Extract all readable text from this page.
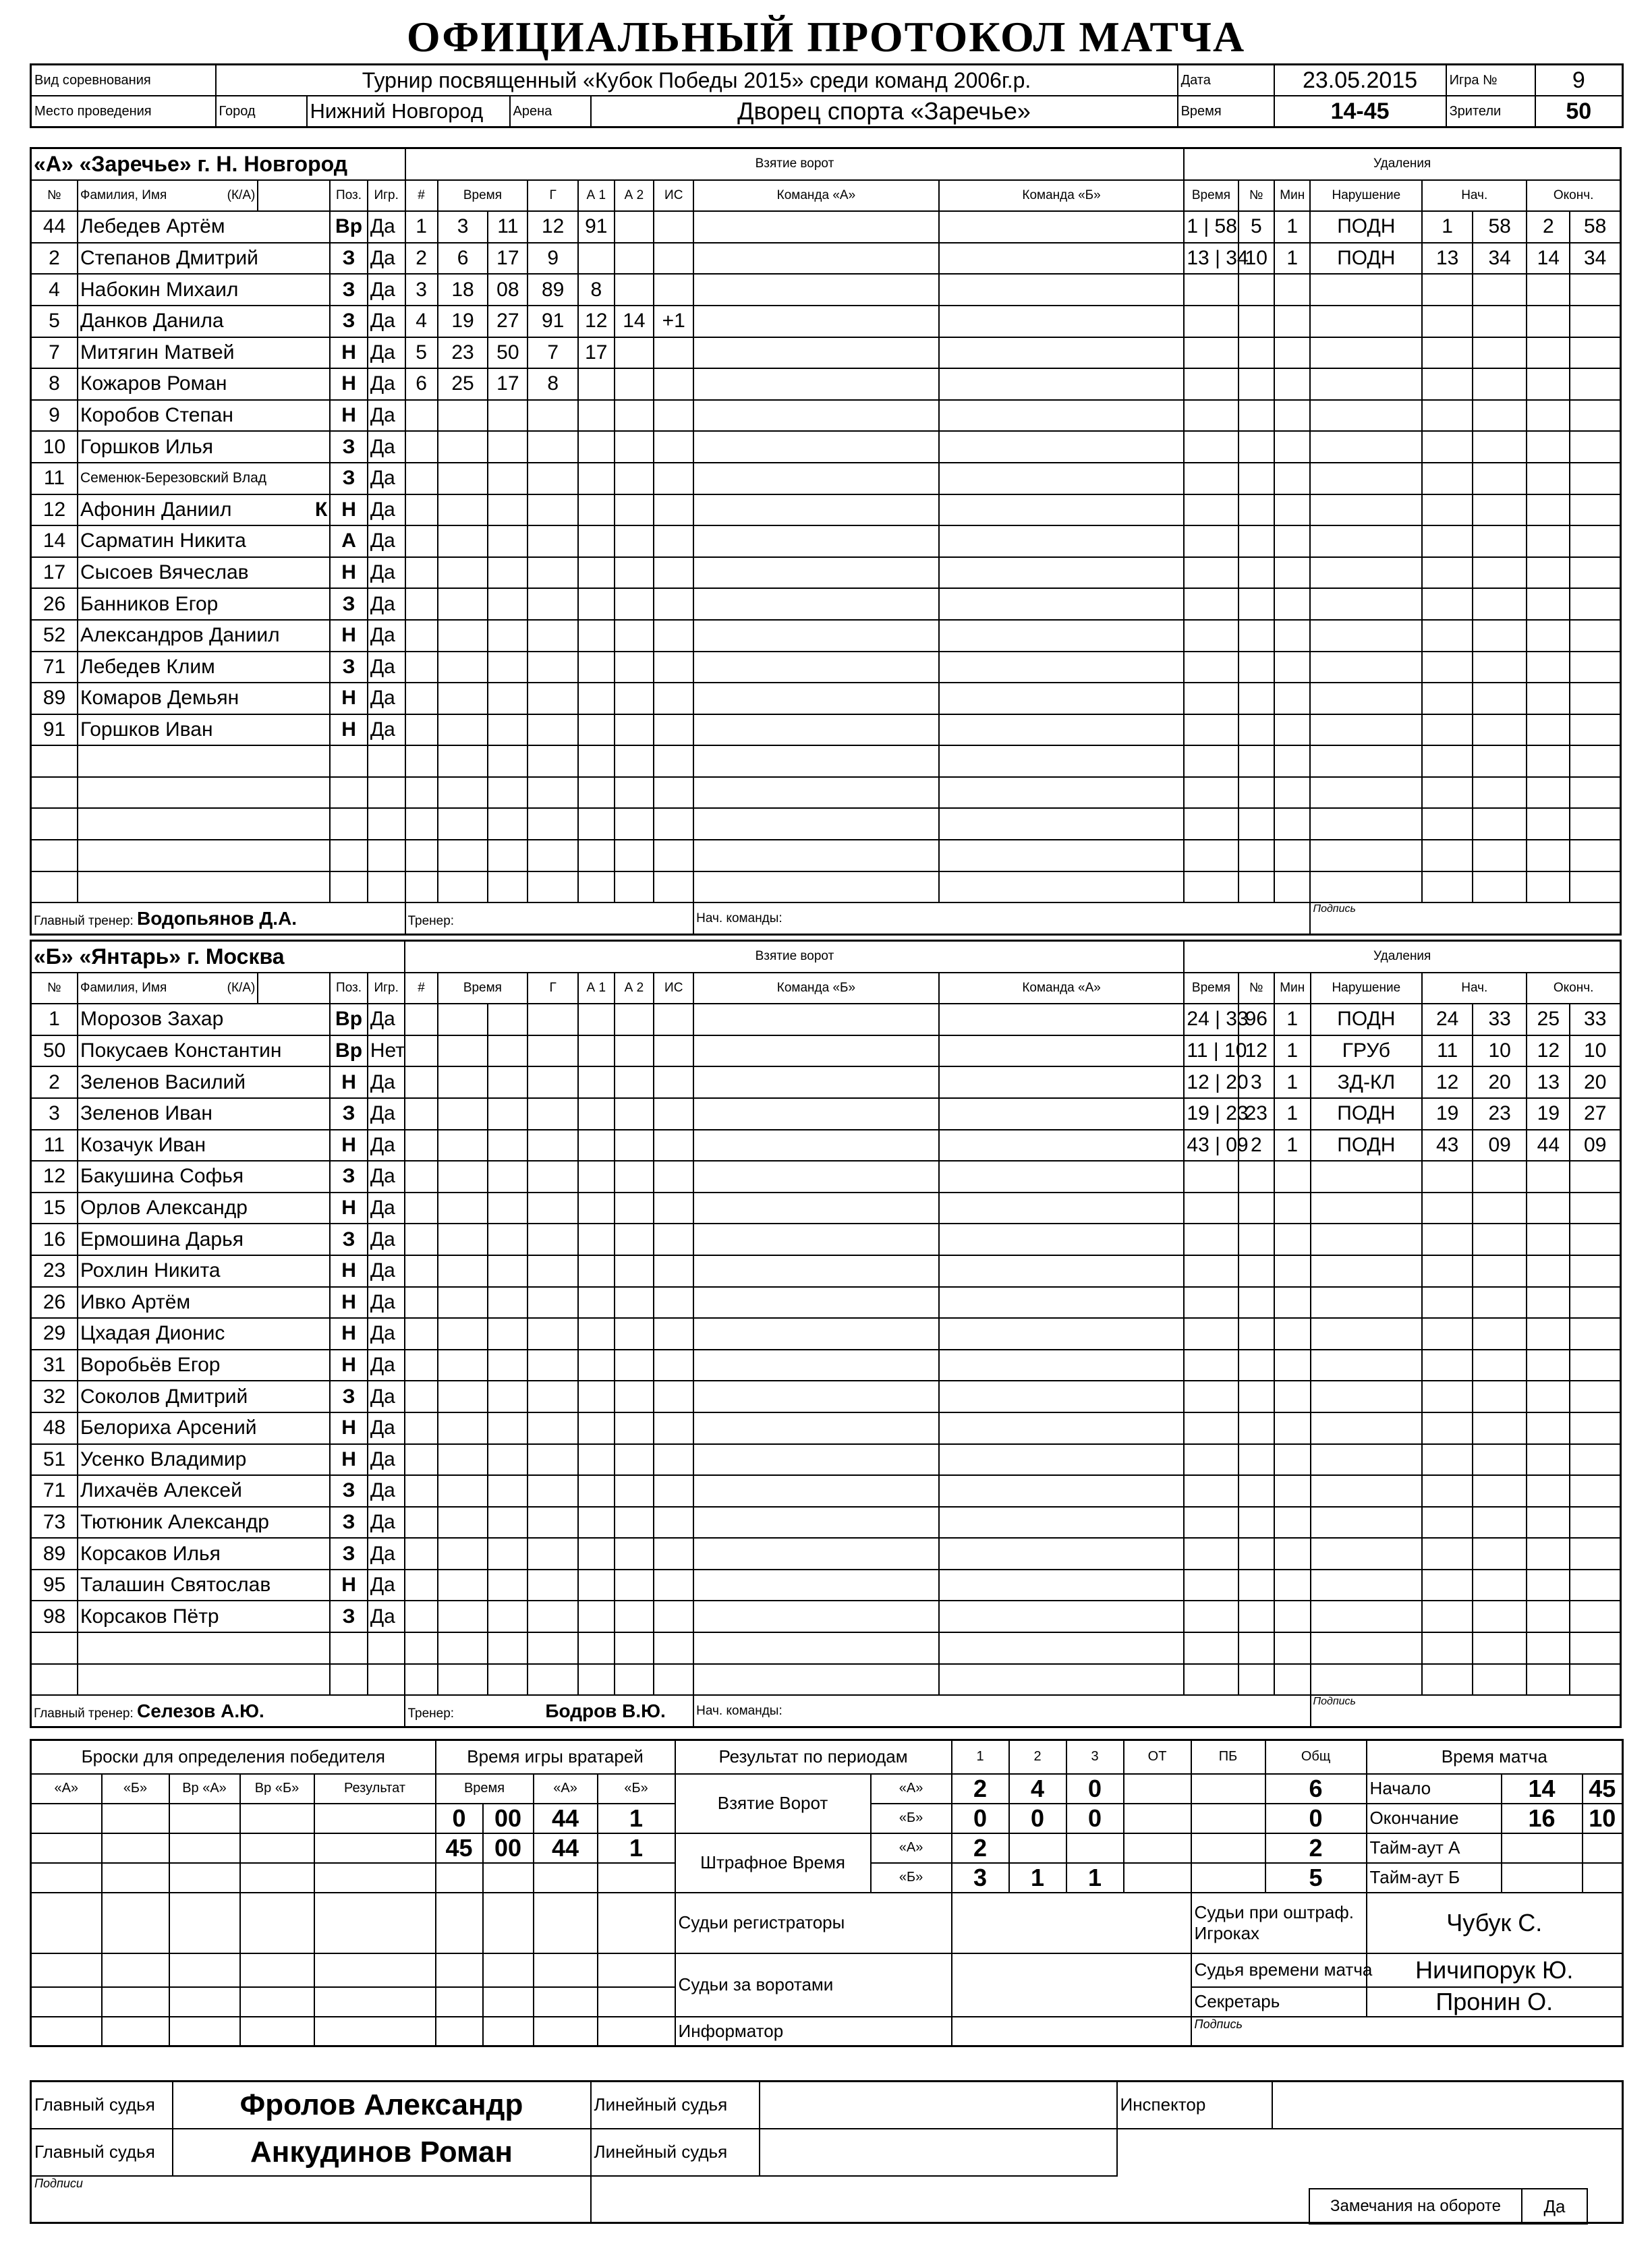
ОФИЦИАЛЬНЫЙ ПРОТОКОЛ МАТЧА
Вид соревнования	Турнир посвященный «Кубок Победы 2015» среди команд 2006г.р.				Дата	23.05.2015	Игра №	9
Место проведения	Город	Нижний Новгород	Арена	Дворец спорта «Заречье»	Время	14-45	Зрители	50
«А» «Заречье» г. Н. Новгород					Взятие ворот									Удаления							
№	Фамилия, Имя (К/А)		Поз.	Игр.	#	Время		Г	А 1	А 2	ИС	Команда «А»	Команда «Б»	Время	№	Мин	Нарушение	Нач.		Оконч.	
44	Лебедев Артём		Вр	Да	1	3	11	12	91					1 | 58	5	1	ПОДН	1	58	2	58
2	Степанов Дмитрий		З	Да	2	6	17	9						13 | 34	10	1	ПОДН	13	34	14	34
4	Набокин Михаил		З	Да	3	18	08	89	8												
5	Данков Данила		З	Да	4	19	27	91	12	14	+1										
7	Митягин Матвей		Н	Да	5	23	50	7	17												
8	Кожаров Роман		Н	Да	6	25	17	8													
9	Коробов Степан		Н	Да																	
10	Горшков Илья		З	Да																	
11	Семенюк-Березовский Влад		З	Да																	
12	Афонин Даниил К		Н	Да																	
14	Сарматин Никита		А	Да																	
17	Сысоев Вячеслав		Н	Да																	
26	Банников Егор		З	Да																	
52	Александров Даниил		Н	Да																	
71	Лебедев Клим		З	Да																	
89	Комаров Демьян		Н	Да																	
91	Горшков Иван		Н	Да																	

Главный тренер: Водопьянов Д.А.					Тренер:							Нач. команды:					Подпись				
«Б» «Янтарь» г. Москва					Взятие ворот									Удаления							
№	Фамилия, Имя (К/А)		Поз.	Игр.	#	Время		Г	А 1	А 2	ИС	Команда «Б»	Команда «А»	Время	№	Мин	Нарушение	Нач.		Оконч.	
1	Морозов Захар		Вр	Да										24 | 33	96	1	ПОДН	24	33	25	33
50	Покусаев Константин		Вр	Нет										11 | 10	12	1	ГРУб	11	10	12	10
2	Зеленов Василий		Н	Да										12 | 20	3	1	ЗД-КЛ	12	20	13	20
3	Зеленов Иван		З	Да										19 | 23	23	1	ПОДН	19	23	19	27
11	Козачук Иван		Н	Да										43 | 09	2	1	ПОДН	43	09	44	09
12	Бакушина Софья		З	Да																	
15	Орлов Александр		Н	Да																	
16	Ермошина Дарья		З	Да																	
23	Рохлин Никита		Н	Да																	
26	Ивко Артём		Н	Да																	
29	Цхадая Дионис		Н	Да																	
31	Воробьёв Егор		Н	Да																	
32	Соколов Дмитрий		З	Да																	
48	Белориха Арсений		Н	Да																	
51	Усенко Владимир		Н	Да																	
71	Лихачёв Алексей		З	Да																	
73	Тютюник Александр		З	Да																	
89	Корсаков Илья		З	Да																	
95	Талашин Святослав		Н	Да																	
98	Корсаков Пётр		З	Да																	

Главный тренер: Селезов А.Ю.					Тренер: Бодров В.Ю.							Нач. команды:					Подпись				
Броски для определения победителя					Время игры вратарей				Результат по периодам		1	2	3	ОТ	ПБ	Общ	Время матча		
«А»	«Б»	Вр «А»	Вр «Б»	Результат	Время		«А»	«Б»	Взятие Ворот	«А»	2	4	0			6	Начало	14	45
					0	00	44	1		«Б»	0	0	0			0	Окончание	16	10
					45	00	44	1	Штрафное Время	«А»	2					2	Тайм-аут А		
										«Б»	3	1	1			5	Тайм-аут Б		
									Судьи регистраторы						Судьи при оштраф. Игроках		Чубук С.		
									Судьи за воротами						Судья времени матча		Ничипорук Ю.		
															Секретарь		Пронин О.		
									Информатор						Подпись				
Главный судья	Фролов Александр	Линейный судья		Инспектор	
Главный судья	Анкудинов Роман	Линейный судья			
Подписи					
Замечания на обороте	Да
